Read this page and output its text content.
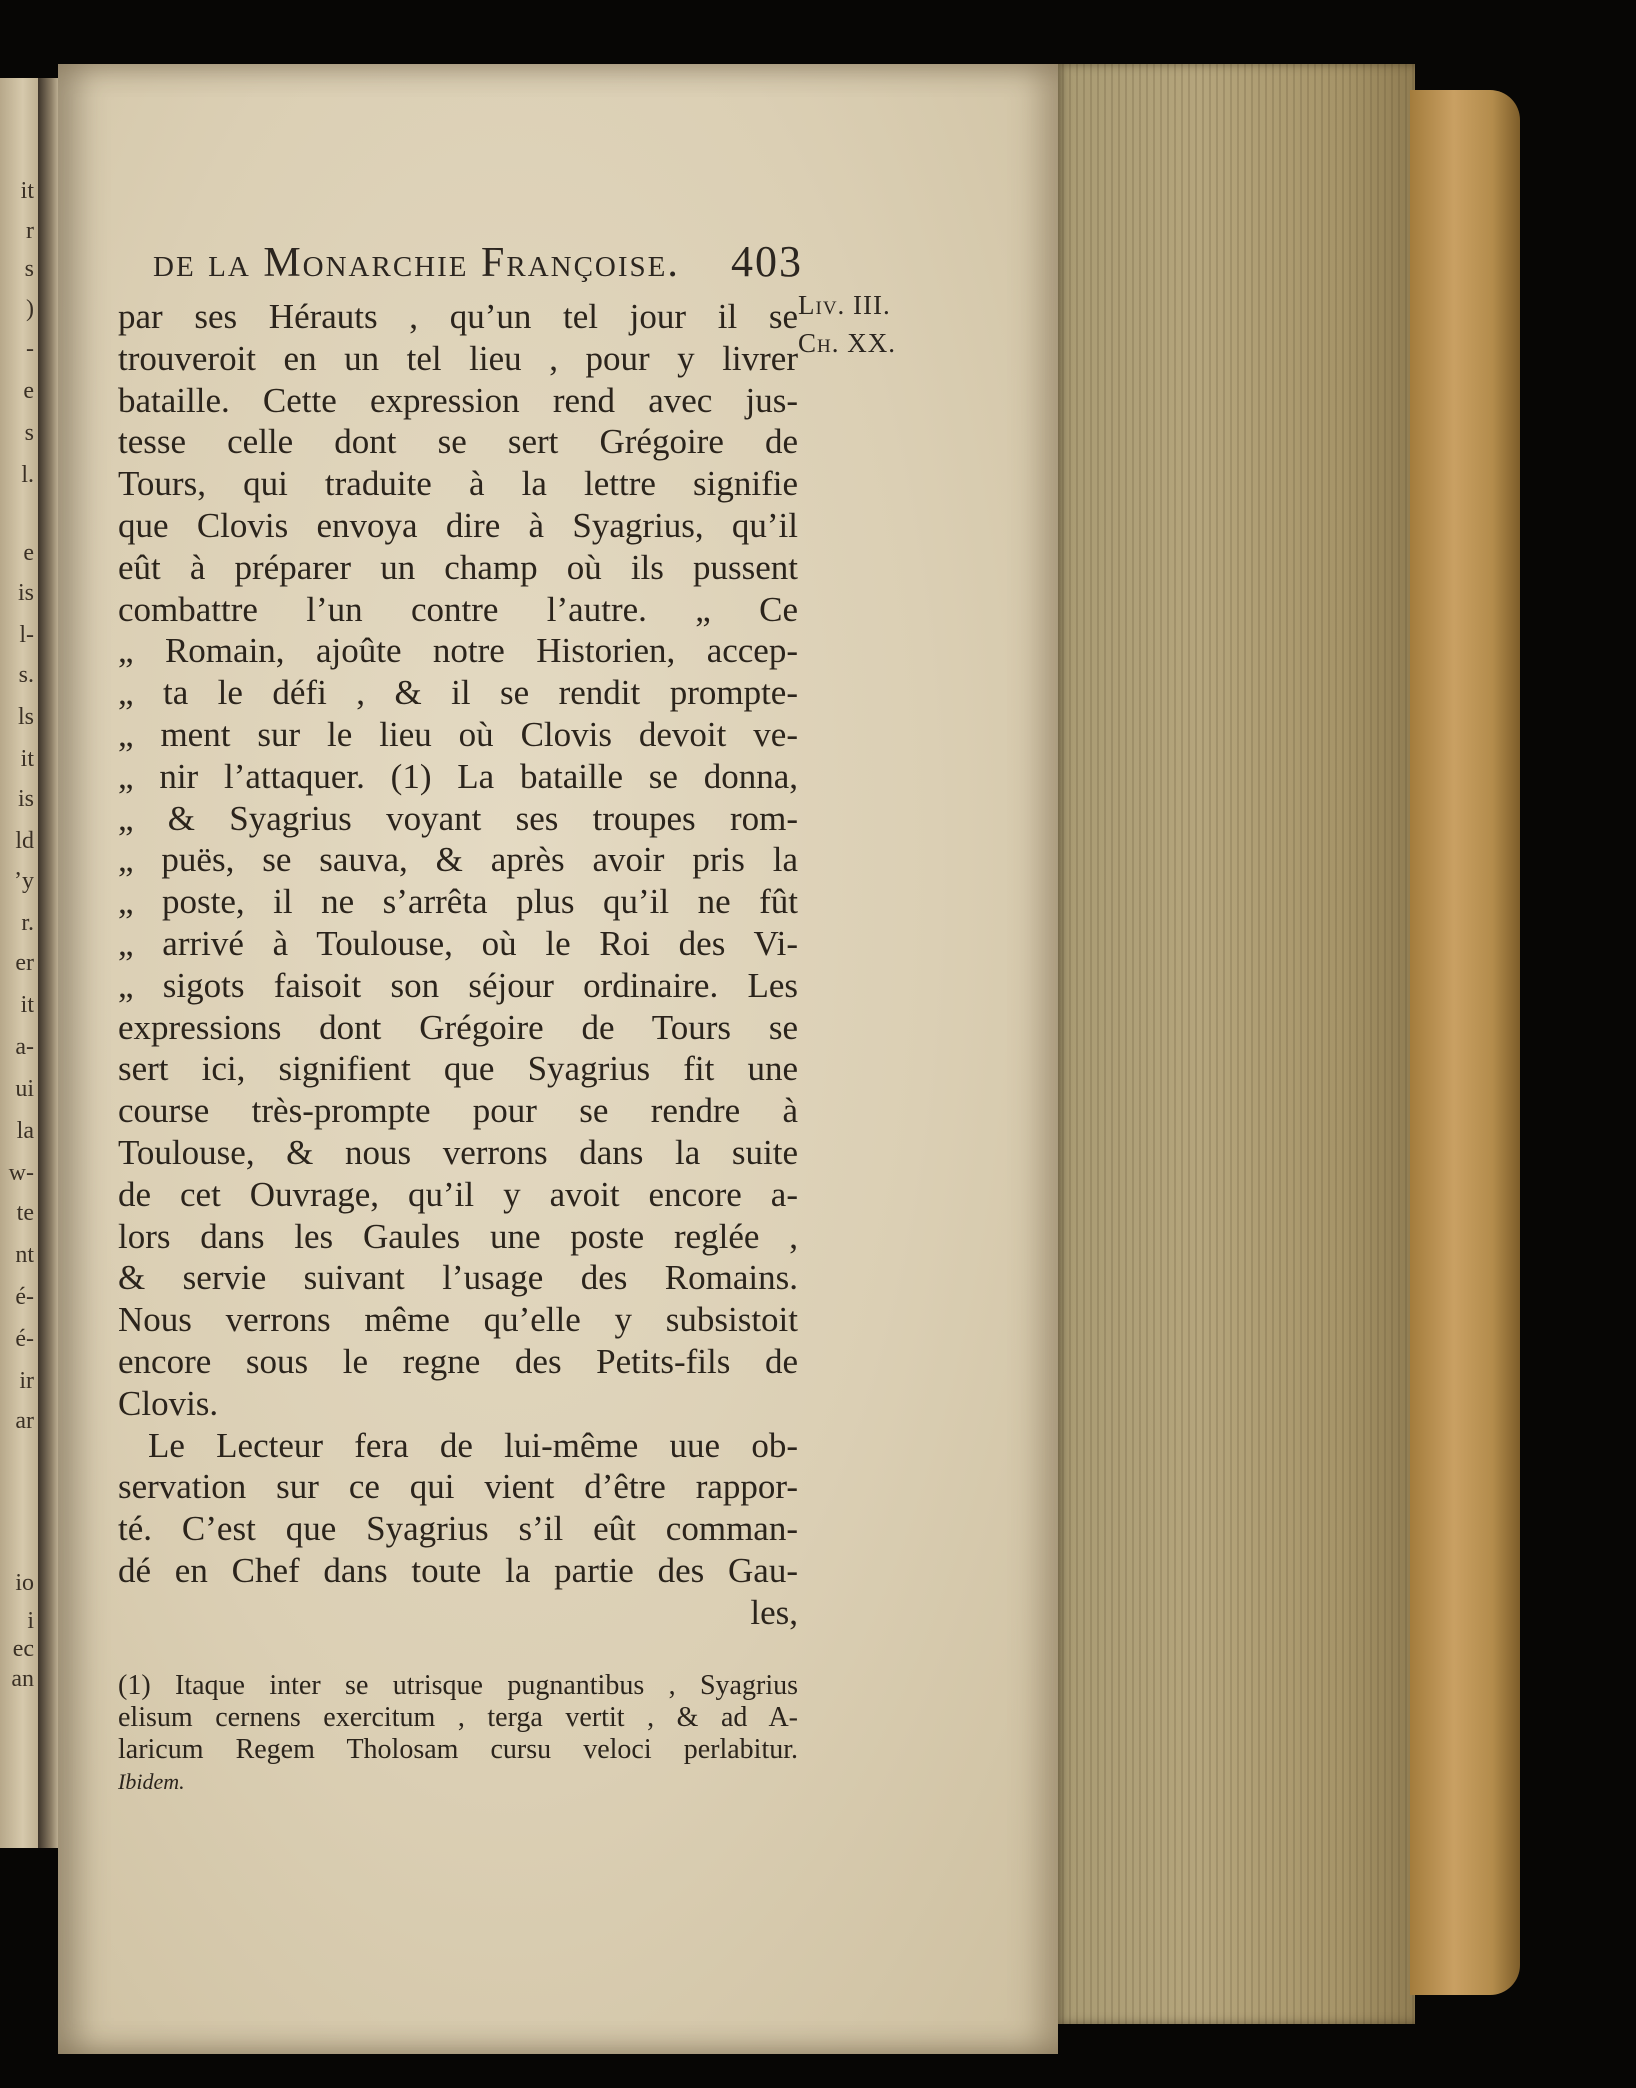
it
r
s
)
-
e
s
l.
e
is
l-
s.
ls
it
is
ld
’y
r.
er
it
a-
ui
la
w-
te
nt
é-
é-
ir
ar
io
i
ec
an
de la Monarchie Françoise. 403
Liv. III.
Ch. XX.
par ses Hérauts , qu’un tel jour il se
trouveroit en un tel lieu , pour y livrer
bataille. Cette expression rend avec jus-
tesse celle dont se sert Grégoire de
Tours, qui traduite à la lettre signifie
que Clovis envoya dire à Syagrius, qu’il
eût à préparer un champ où ils pussent
combattre l’un contre l’autre. „ Ce
„ Romain, ajoûte notre Historien, accep-
„ ta le défi , & il se rendit prompte-
„ ment sur le lieu où Clovis devoit ve-
„ nir l’attaquer. (1) La bataille se donna,
„ & Syagrius voyant ses troupes rom-
„ puës, se sauva, & après avoir pris la
„ poste, il ne s’arrêta plus qu’il ne fût
„ arrivé à Toulouse, où le Roi des Vi-
„ sigots faisoit son séjour ordinaire. Les
expressions dont Grégoire de Tours se
sert ici, signifient que Syagrius fit une
course très-prompte pour se rendre à
Toulouse, & nous verrons dans la suite
de cet Ouvrage, qu’il y avoit encore a-
lors dans les Gaules une poste reglée ,
& servie suivant l’usage des Romains.
Nous verrons même qu’elle y subsistoit
encore sous le regne des Petits-fils de
Clovis.
Le Lecteur fera de lui-même uue ob-
servation sur ce qui vient d’être rappor-
té. C’est que Syagrius s’il eût comman-
dé en Chef dans toute la partie des Gau-
les,
(1) Itaque inter se utrisque pugnantibus , Syagrius
elisum cernens exercitum , terga vertit , & ad A-
laricum Regem Tholosam cursu veloci perlabitur.
Ibidem.
